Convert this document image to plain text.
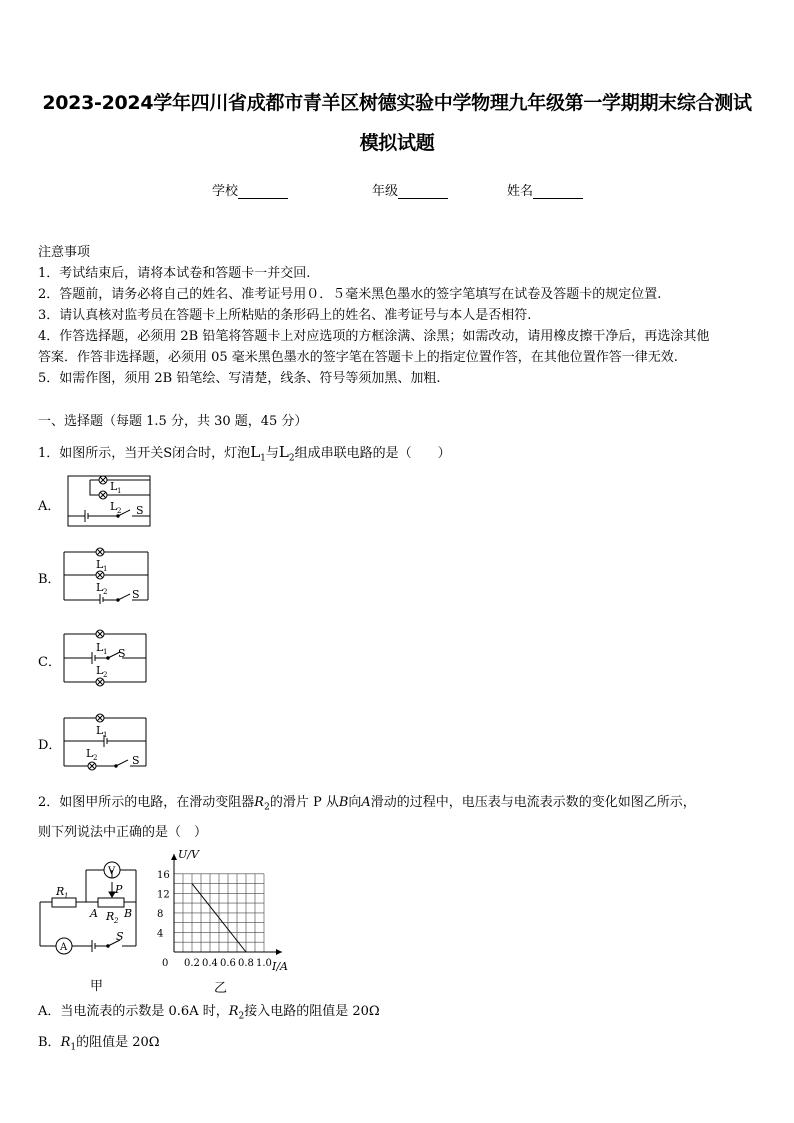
2023-2024学年四川省成都市青羊区树德实验中学物理九年级第一学期期末综合测试
模拟试题
学校	年级	姓名

注意事项

1．考试结束后，请将本试卷和答题卡一并交回.

2．答题前，请务必将自己的姓名、准考证号用０．５毫米黑色墨水的签字笔填写在试卷及答题卡的规定位置.

3．请认真核对监考员在答题卡上所粘贴的条形码上的姓名、准考证号与本人是否相符.

4．作答选择题，必须用 2B 铅笔将答题卡上对应选项的方框涂满、涂黑；如需改动，请用橡皮擦干净后，再选涂其他

答案．作答非选择题，必须用 05 毫米黑色墨水的签字笔在答题卡上的指定位置作答，在其他位置作答一律无效.

5．如需作图，须用 2B 铅笔绘、写清楚，线条、符号等须加黑、加粗.

一、选择题（每题 1.5 分，共 30 题，45 分）
1．如图所示，当开关S闭合时，灯泡$L_1$与$L_2$组成串联电路的是（　　）
A．
B．
C．
D．
L 1
L 2 S
L 1
L 2 S
L 1 S
L 2
L 1
L 2	S
2．如图甲所示的电路，在滑动变阻器$R_2$的滑片 P 从B向A滑动的过程中，电压表与电流表示数的变化如图乙所示，
则下列说法中正确的是（　）
V
A
R 1	P
A R 2
B
S
甲
0 0.2 0.4 0.6 0.8 1.0
4
8
12
16
U/V
I/A
乙
A．当电流表的示数是 0.6A 时，$R_2$接入电路的阻值是 20Ω
B．$R_1$的阻值是 20Ω
